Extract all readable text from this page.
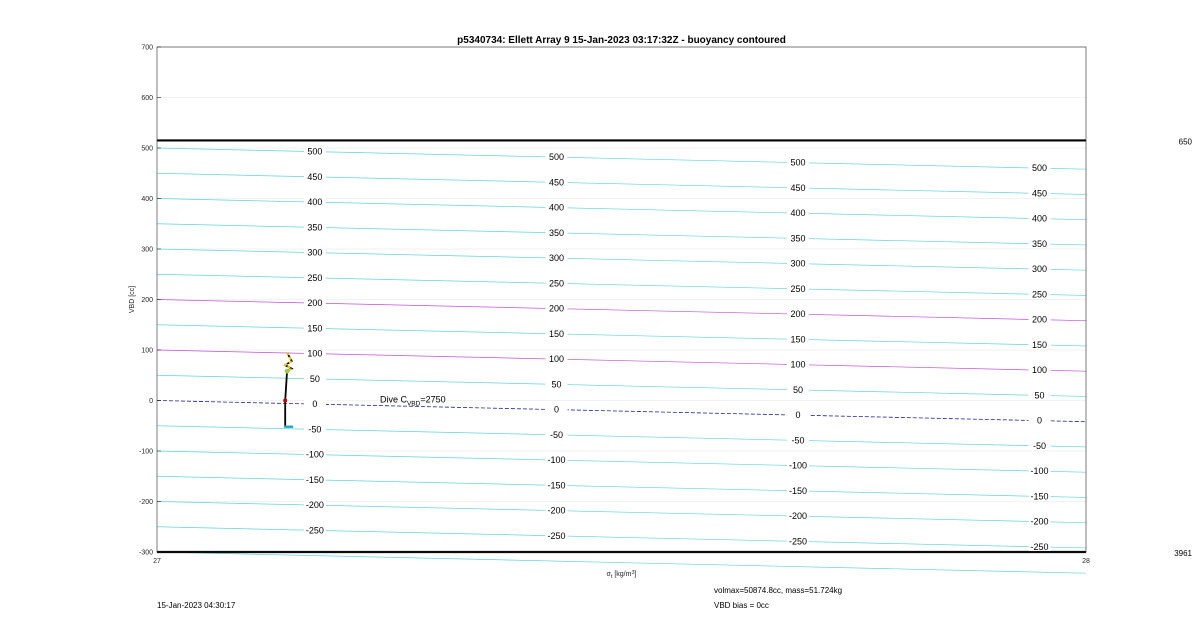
650
3961
700
600
500
400
300
200
100
0
-100
-200
-300
27	28
500
500
500
500
450
450
450
450
400
400
400
400
350
350
350
350
300
300
300
300
250
250
250
250
200
200
200
200
150
150
150
150
100
100
100
100
50
50
50
50
0
0
0
0
-50
-50
-50
-50
-100
-100
-100
-100
-150
-150
-150
-150
-200
-200
-200
-200
-250
-250
-250
-250
p5340734: Ellett Array 9 15-Jan-2023 03:17:32Z - buoyancy contoured
$\sigma_t$ $[kg/m^3]$
VBD [cc]
Dive $C_{VBD}=2750$
15-Jan-2023 04:30:17
volmax=50874.8cc, mass=51.724kg
VBD bias = 0cc
